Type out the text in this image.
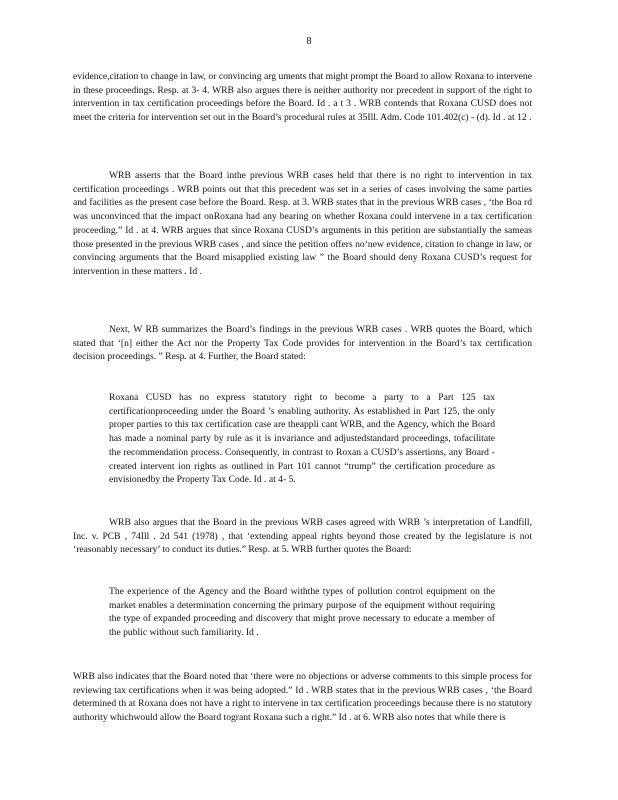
8

evidence,citation to change in law, or convincing arg uments that might prompt the Board to allow Roxana to intervene in these proceedings. Resp. at 3- 4. WRB also argues there is neither authority nor precedent in support of the right to intervention in tax certification proceedings before the Board. Id . a t 3 . WRB contends that Roxana CUSD does not meet the criteria for intervention set out in the Board’s procedural rules at 35Ill. Adm. Code 101.402(c) - (d). Id . at 12 .

WRB asserts that the Board inthe previous WRB cases held that there is no right to intervention in tax certification proceedings . WRB points out that this precedent was set in a series of cases involving the same parties and facilities as the present case before the Board. Resp. at 3. WRB states that in the previous WRB cases , ‘the Boa rd was unconvinced that the impact onRoxana had any bearing on whether Roxana could intervene in a tax certification proceeding.” Id . at 4. WRB argues that since Roxana CUSD’s arguments in this petition are substantially the sameas those presented in the previous WRB cases , and since the petition offers no‘new evidence, citation to change in law, or convincing arguments that the Board misapplied existing law ” the Board should deny Roxana CUSD’s request for intervention in these matters . Id .

Next, W RB summarizes the Board’s findings in the previous WRB cases . WRB quotes the Board, which stated that ‘[n] either the Act nor the Property Tax Code provides for intervention in the Board’s tax certification decision proceedings. ” Resp. at 4. Further, the Board stated:

Roxana CUSD has no express statutory right to become a party to a Part 125 tax certificationproceeding under the Board ’s enabling authority. As established in Part 125, the only proper parties to this tax certification case are theappli cant WRB, and the Agency, which the Board has made a nominal party by rule as it is invariance and adjustedstandard proceedings, tofacilitate the recommendation process. Consequently, in contrast to Roxan a CUSD’s assertions, any Board - created intervent ion rights as outlined in Part 101 cannot “trump” the certification procedure as envisionedby the Property Tax Code. Id . at 4- 5.

WRB also argues that the Board in the previous WRB cases agreed with WRB ’s interpretation of Landfill, Inc. v. PCB , 74Ill . 2d 541 (1978) , that ‘extending appeal rights beyond those created by the legislature is not ‘reasonably necessary’ to conduct its duties.” Resp. at 5. WRB further quotes the Board:

The experience of the Agency and the Board withthe types of pollution control equipment on the market enables a determination concerning the primary purpose of the equipment without requiring the type of expanded proceeding and discovery that might prove necessary to educate a member of the public without such familiarity. Id .

WRB also indicates that the Board noted that ‘there were no objections or adverse comments to this simple process for reviewing tax certifications when it was being adopted.” Id . WRB states that in the previous WRB cases , ‘the Board determined th at Roxana does not have a right to intervene in tax certification proceedings because there is no statutory authority whichwould allow the Board togrant Roxana such a right.” Id . at 6. WRB also notes that while there is
